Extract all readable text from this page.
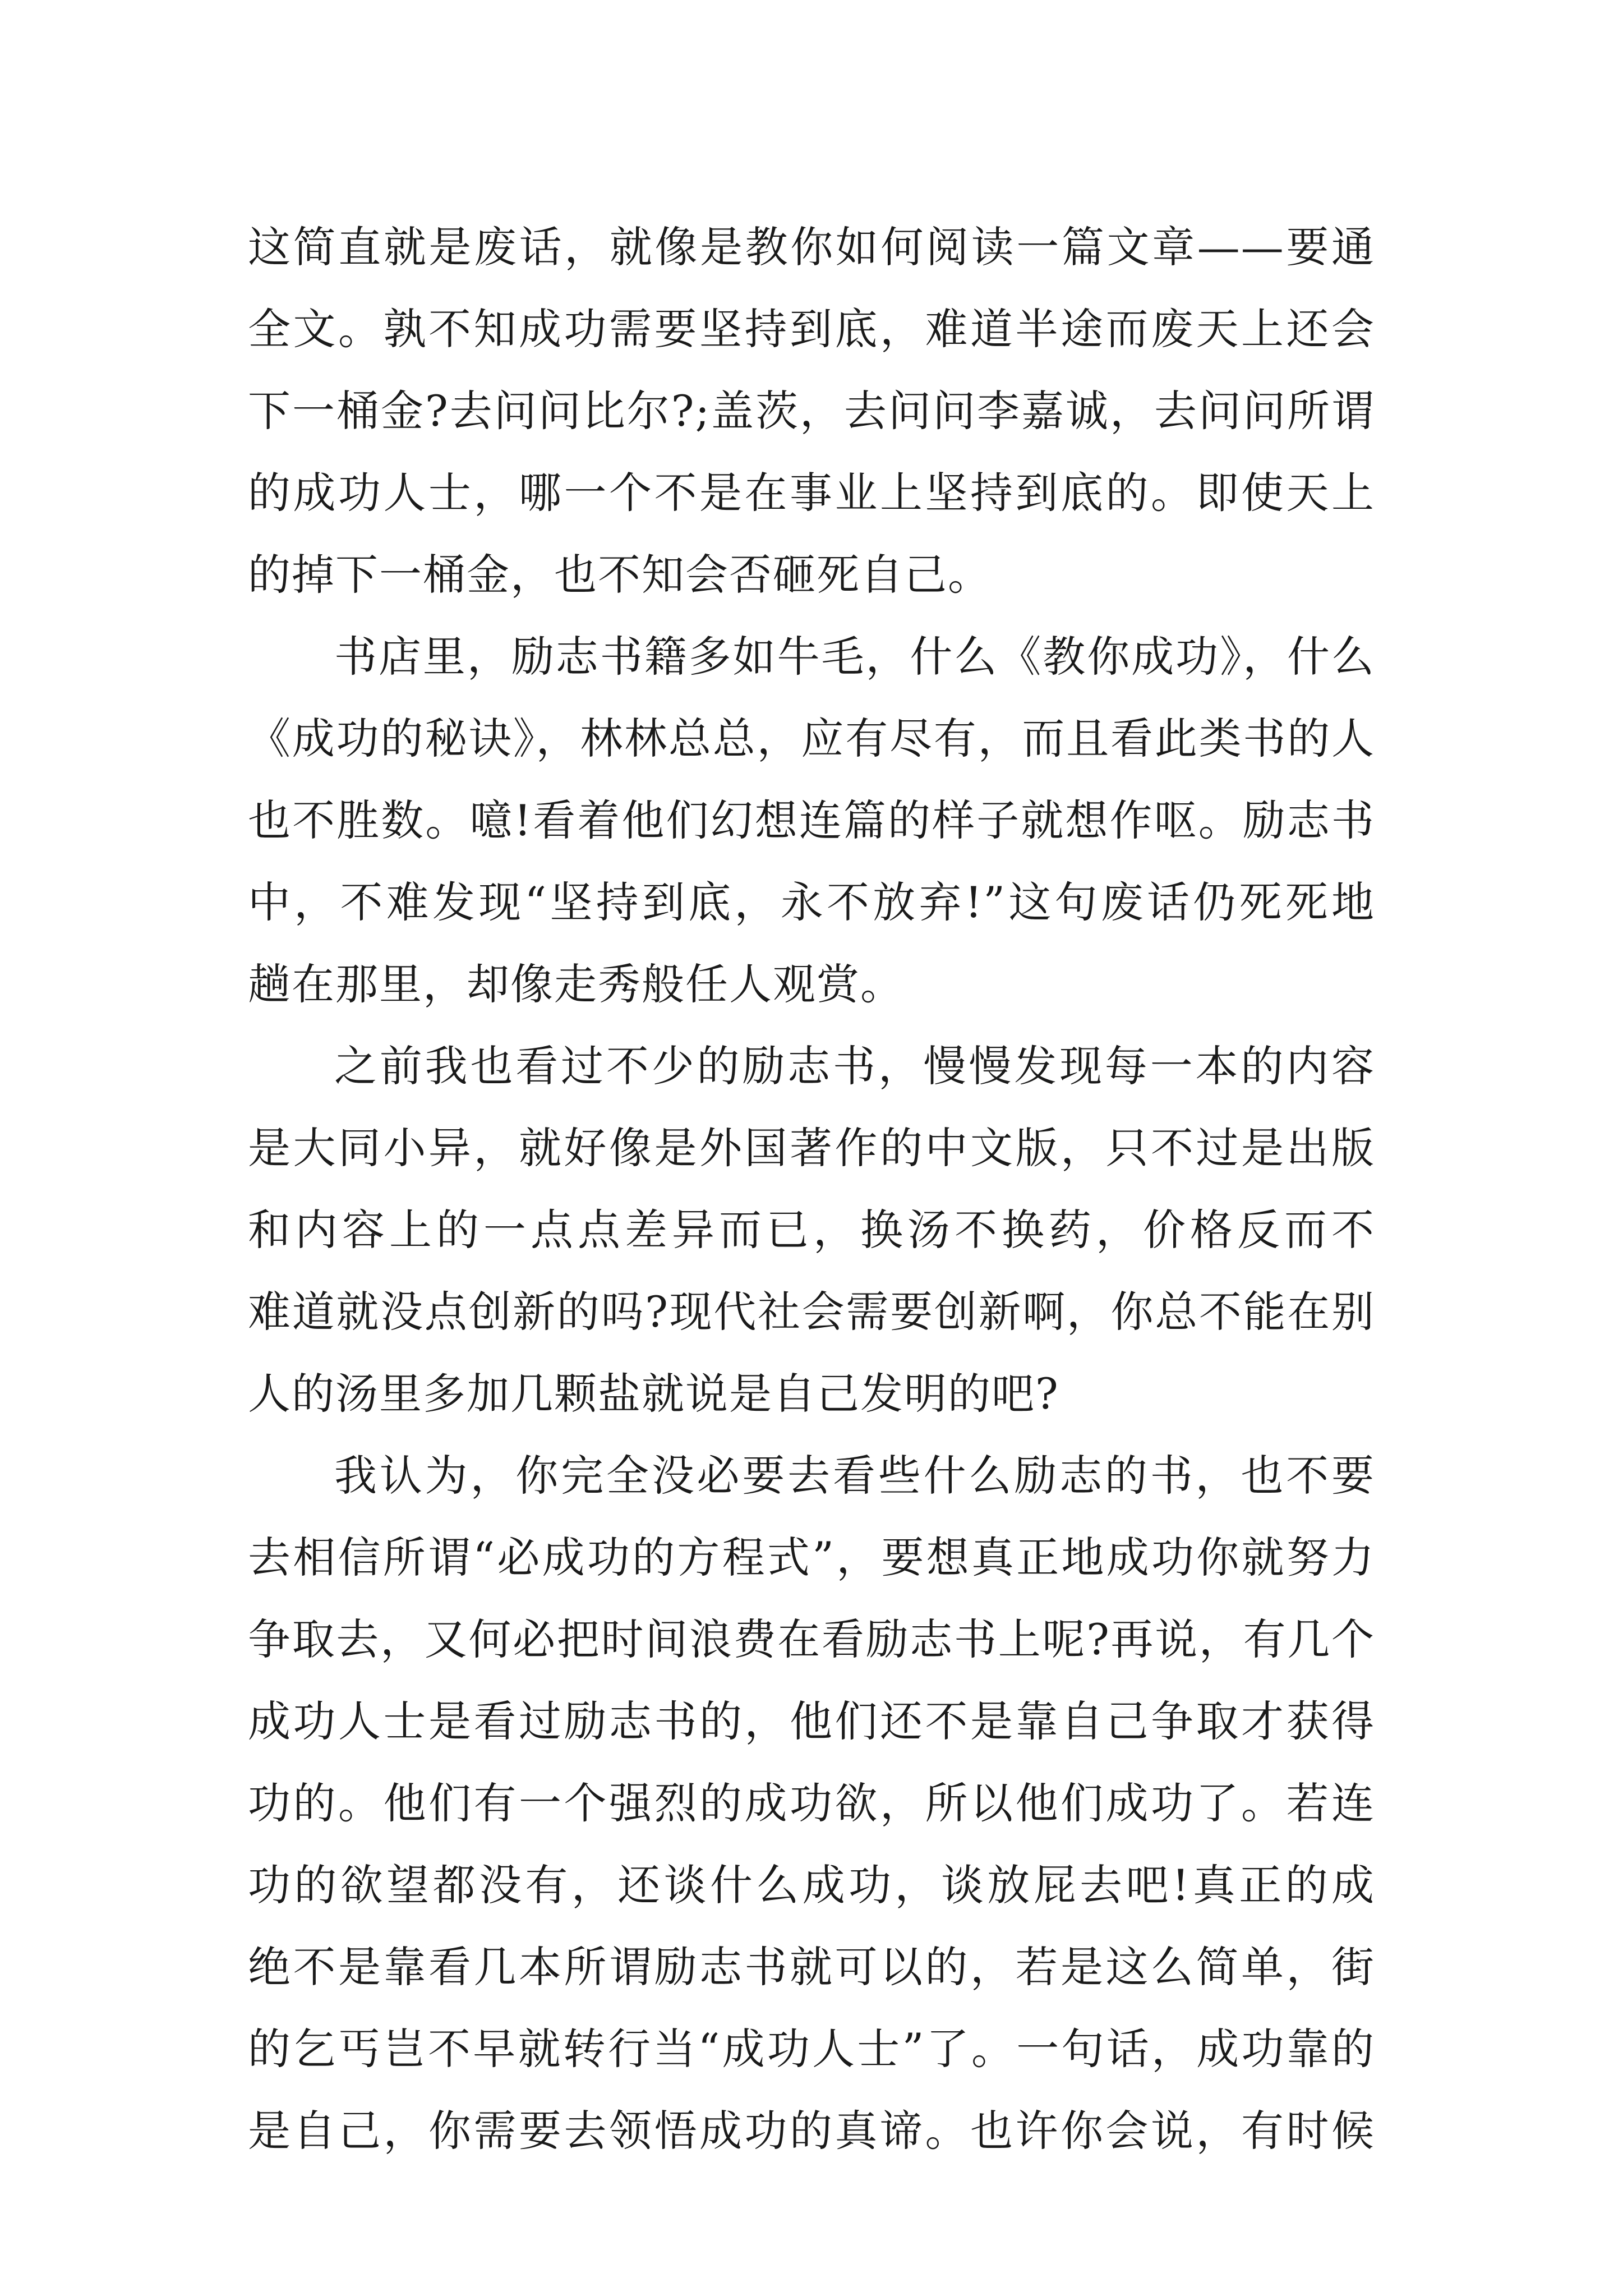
这简直就是废话，就像是教你如何阅读一篇文章——要通
全文。孰不知成功需要坚持到底，难道半途而废天上还会
下一桶金?去问问比尔?;盖茨，去问问李嘉诚，去问问所谓
的成功人士，哪一个不是在事业上坚持到底的。即使天上
的掉下一桶金，也不知会否砸死自己。
书店里，励志书籍多如牛毛，什么《教你成功》，什么
《成功的秘诀》，林林总总，应有尽有，而且看此类书的人
也不胜数。噫!看着他们幻想连篇的样子就想作呕。励志书
中，不难发现“坚持到底，永不放弃!”这句废话仍死死地
趟在那里，却像走秀般任人观赏。
之前我也看过不少的励志书，慢慢发现每一本的内容
是大同小异，就好像是外国著作的中文版，只不过是出版
和内容上的一点点差异而已，换汤不换药，价格反而不
难道就没点创新的吗?现代社会需要创新啊，你总不能在别
人的汤里多加几颗盐就说是自己发明的吧?
我认为，你完全没必要去看些什么励志的书，也不要
去相信所谓“必成功的方程式”，要想真正地成功你就努力
争取去，又何必把时间浪费在看励志书上呢?再说，有几个
成功人士是看过励志书的，他们还不是靠自己争取才获得
功的。他们有一个强烈的成功欲，所以他们成功了。若连
功的欲望都没有，还谈什么成功，谈放屁去吧!真正的成
绝不是靠看几本所谓励志书就可以的，若是这么简单，街
的乞丐岂不早就转行当“成功人士”了。一句话，成功靠的
是自己，你需要去领悟成功的真谛。也许你会说，有时候
